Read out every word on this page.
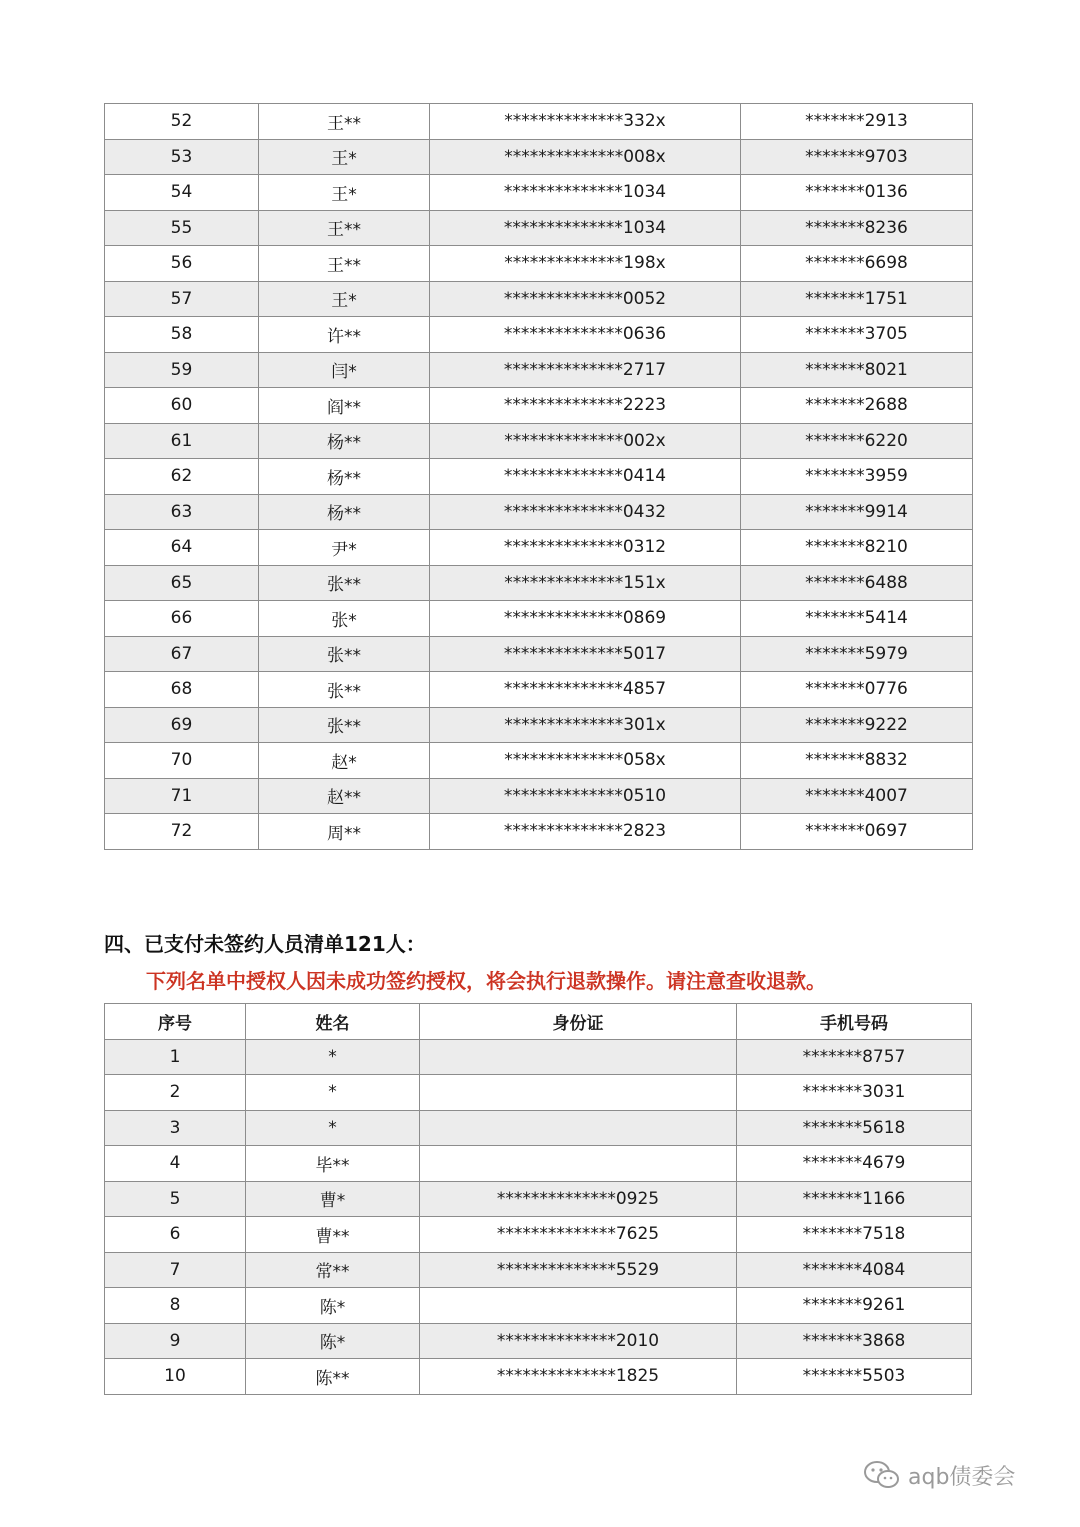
52	王**	**************332x	*******2913
53	王*	**************008x	*******9703
54	王*	**************1034	*******0136
55	王**	**************1034	*******8236
56	王**	**************198x	*******6698
57	王*	**************0052	*******1751
58	许**	**************0636	*******3705
59	闫*	**************2717	*******8021
60	阎**	**************2223	*******2688
61	杨**	**************002x	*******6220
62	杨**	**************0414	*******3959
63	杨**	**************0432	*******9914
64	尹*	**************0312	*******8210
65	张**	**************151x	*******6488
66	张*	**************0869	*******5414
67	张**	**************5017	*******5979
68	张**	**************4857	*******0776
69	张**	**************301x	*******9222
70	赵*	**************058x	*******8832
71	赵**	**************0510	*******4007
72	周**	**************2823	*******0697
四、已支付未签约人员清单121人：
下列名单中授权人因未成功签约授权，将会执行退款操作。请注意查收退款。
序号	姓名	身份证	手机号码
1	*		*******8757
2	*		*******3031
3	*		*******5618
4	毕**		*******4679
5	曹*	**************0925	*******1166
6	曹**	**************7625	*******7518
7	常**	**************5529	*******4084
8	陈*		*******9261
9	陈*	**************2010	*******3868
10	陈**	**************1825	*******5503
aqb债委会
